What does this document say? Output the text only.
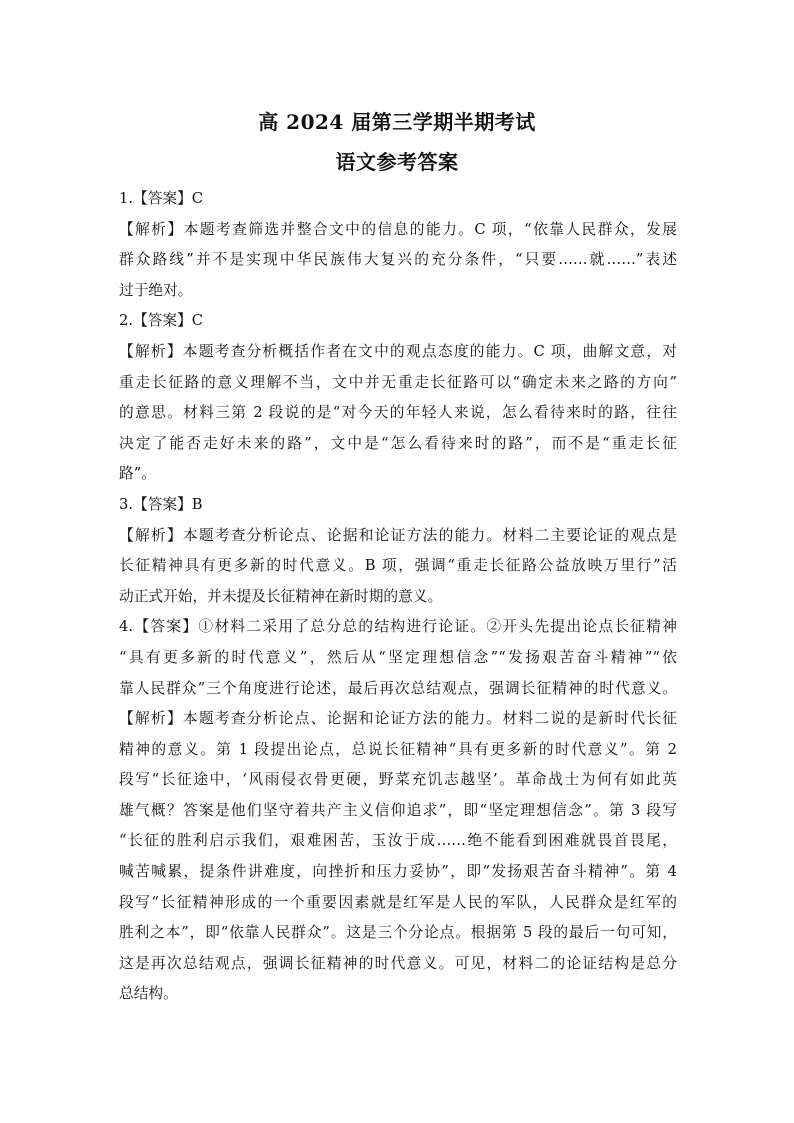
高 2024 届第三学期半期考试
语文参考答案
1.【答案】C
【解析】本题考查筛选并整合文中的信息的能力。C 项，“依靠人民群众，发展
群众路线”并不是实现中华民族伟大复兴的充分条件，“只要……就……”表述
过于绝对。
2.【答案】C
【解析】本题考查分析概括作者在文中的观点态度的能力。C 项，曲解文意，对
重走长征路的意义理解不当，文中并无重走长征路可以“确定未来之路的方向”
的意思。材料三第 2 段说的是“对今天的年轻人来说，怎么看待来时的路，往往
决定了能否走好未来的路”，文中是“怎么看待来时的路”，而不是“重走长征
路”。
3.【答案】B
【解析】本题考查分析论点、论据和论证方法的能力。材料二主要论证的观点是
长征精神具有更多新的时代意义。B 项，强调“重走长征路公益放映万里行”活
动正式开始，并未提及长征精神在新时期的意义。
4.【答案】①材料二采用了总分总的结构进行论证。②开头先提出论点长征精神
“具有更多新的时代意义”，然后从“坚定理想信念”“发扬艰苦奋斗精神”“依
靠人民群众”三个角度进行论述，最后再次总结观点，强调长征精神的时代意义。
【解析】本题考查分析论点、论据和论证方法的能力。材料二说的是新时代长征
精神的意义。第 1 段提出论点，总说长征精神“具有更多新的时代意义”。第 2
段写“长征途中，‘风雨侵衣骨更硬，野菜充饥志越坚’。革命战士为何有如此英
雄气概？答案是他们坚守着共产主义信仰追求”，即“坚定理想信念”。第 3 段写
“长征的胜利启示我们，艰难困苦，玉汝于成……绝不能看到困难就畏首畏尾，
喊苦喊累，提条件讲难度，向挫折和压力妥协”，即“发扬艰苦奋斗精神”。第 4
段写“长征精神形成的一个重要因素就是红军是人民的军队，人民群众是红军的
胜利之本”，即“依靠人民群众”。这是三个分论点。根据第 5 段的最后一句可知，
这是再次总结观点，强调长征精神的时代意义。可见，材料二的论证结构是总分
总结构。
